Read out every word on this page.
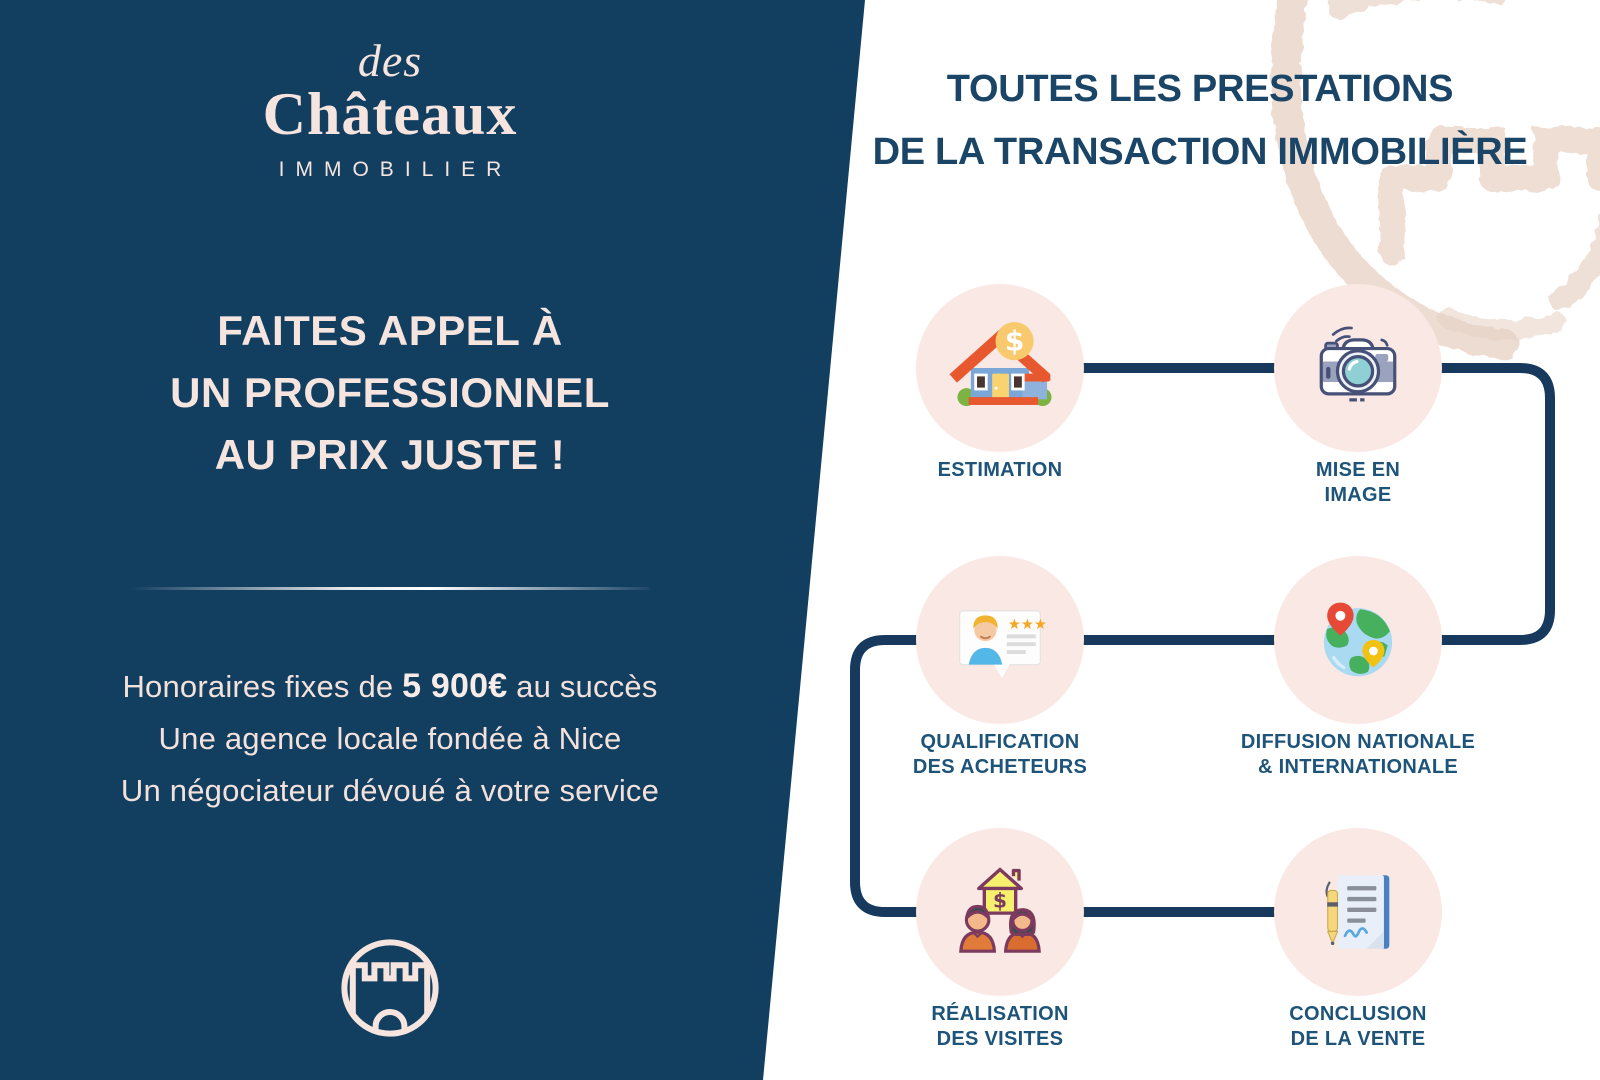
des
Châteaux
IMMOBILIER
FAITES APPEL À
UN PROFESSIONNEL
AU PRIX JUSTE !
Honoraires fixes de 5 900€ au succès
Une agence locale fondée à Nice
Un négociateur dévoué à votre service
TOUTES LES PRESTATIONS
DE LA TRANSACTION IMMOBILIÈRE
$
ESTIMATION	MISE EN
IMAGE
★★★
QUALIFICATION
DES ACHETEURS
DIFFUSION NATIONALE
& INTERNATIONALE
$
RÉALISATION
DES VISITES
CONCLUSION
DE LA VENTE
